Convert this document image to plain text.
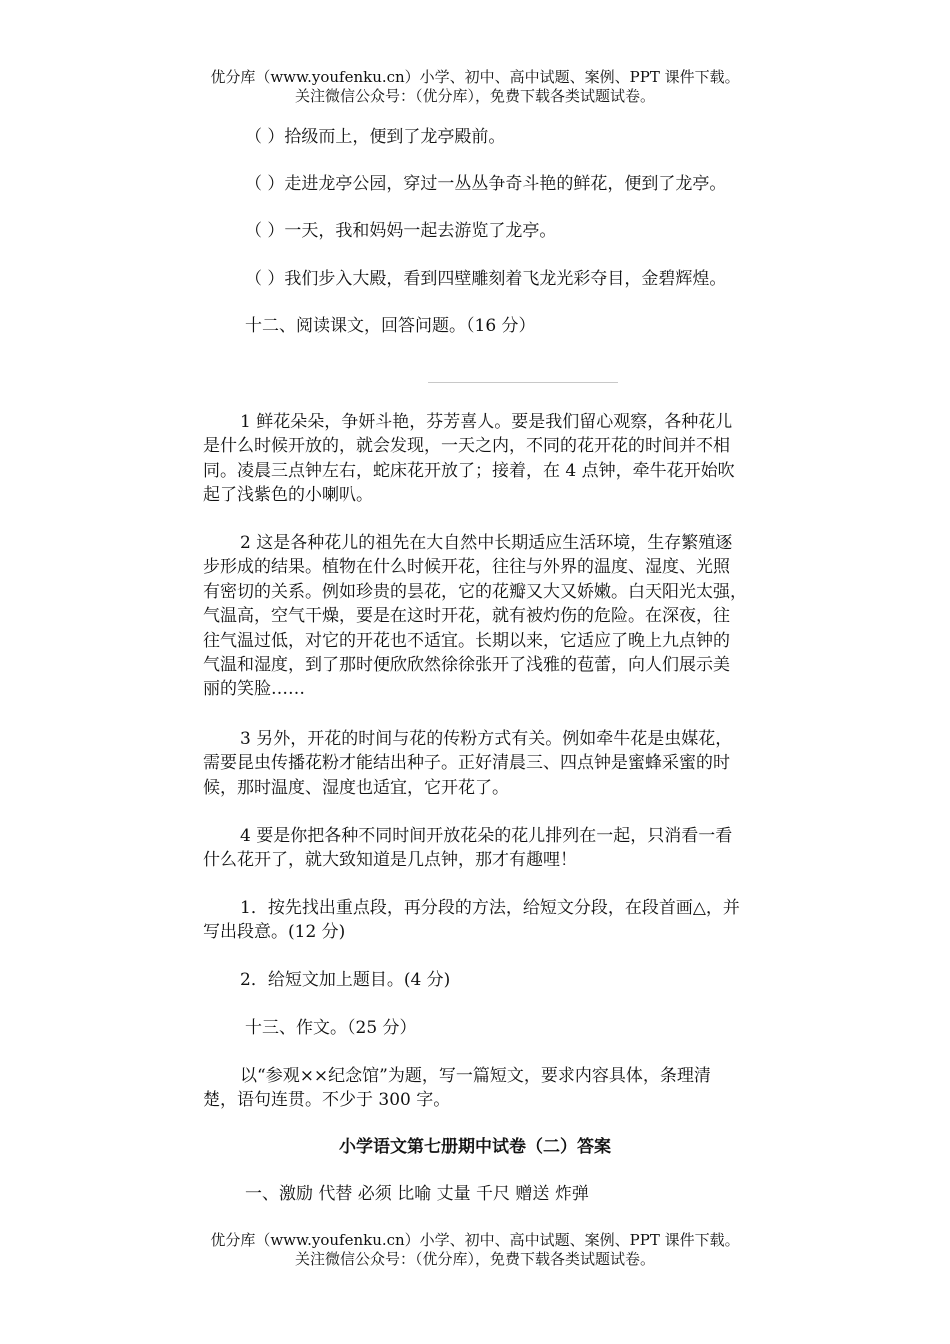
优分库（www.youfenku.cn）小学、初中、高中试题、案例、PPT 课件下载。
关注微信公众号：（优分库），免费下载各类试题试卷。
（ ）拾级而上，便到了龙亭殿前。
（ ）走进龙亭公园，穿过一丛丛争奇斗艳的鲜花，便到了龙亭。
（ ）一天，我和妈妈一起去游览了龙亭。
（ ）我们步入大殿，看到四壁雕刻着飞龙光彩夺目，金碧辉煌。
十二、阅读课文，回答问题。（16 分）
1 鲜花朵朵，争妍斗艳，芬芳喜人。要是我们留心观察，各种花儿
是什么时候开放的，就会发现，一天之内，不同的花开花的时间并不相
同。凌晨三点钟左右，蛇床花开放了；接着，在 4 点钟，牵牛花开始吹
起了浅紫色的小喇叭。
2 这是各种花儿的祖先在大自然中长期适应生活环境，生存繁殖逐
步形成的结果。植物在什么时候开花，往往与外界的温度、湿度、光照
有密切的关系。例如珍贵的昙花，它的花瓣又大又娇嫩。白天阳光太强，
气温高，空气干燥，要是在这时开花，就有被灼伤的危险。在深夜，往
往气温过低，对它的开花也不适宜。长期以来，它适应了晚上九点钟的
气温和湿度，到了那时便欣欣然徐徐张开了浅雅的苞蕾，向人们展示美
丽的笑脸……
3 另外，开花的时间与花的传粉方式有关。例如牵牛花是虫媒花，
需要昆虫传播花粉才能结出种子。正好清晨三、四点钟是蜜蜂采蜜的时
候，那时温度、湿度也适宜，它开花了。
4 要是你把各种不同时间开放花朵的花儿排列在一起，只消看一看
什么花开了，就大致知道是几点钟，那才有趣哩！
1．按先找出重点段，再分段的方法，给短文分段，在段首画△，并
写出段意。(12 分)
2．给短文加上题目。(4 分)
十三、作文。（25 分）
以“参观××纪念馆”为题，写一篇短文，要求内容具体，条理清
楚，语句连贯。不少于 300 字。
小学语文第七册期中试卷（二）答案
一、激励 代替 必须 比喻 丈量 千尺 赠送 炸弹
优分库（www.youfenku.cn）小学、初中、高中试题、案例、PPT 课件下载。
关注微信公众号：（优分库），免费下载各类试题试卷。
